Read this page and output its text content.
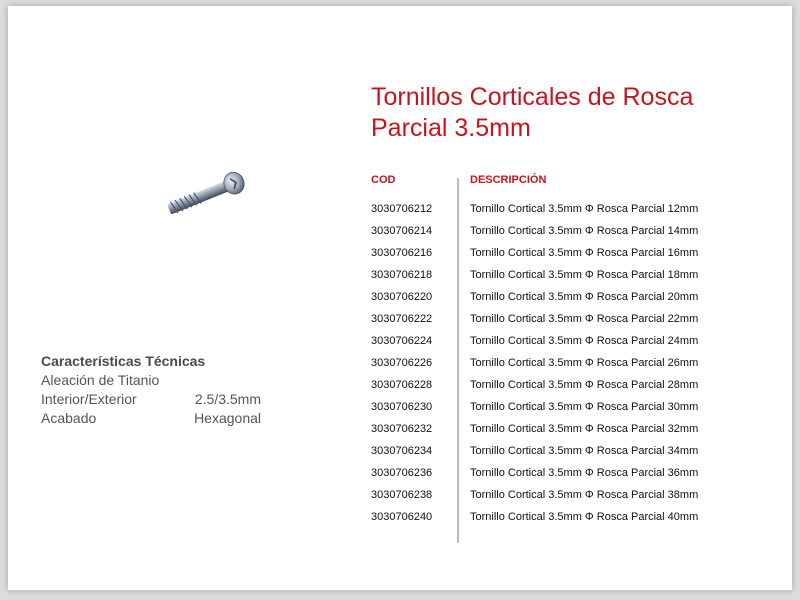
Tornillos Corticales de Rosca
Parcial 3.5mm
Características Técnicas
Aleación de Titanio
Interior/Exterior	2.5/3.5mm
Acabado	Hexagonal
COD	DESCRIPCIÓN
3030706212	Tornillo Cortical 3.5mm Φ Rosca Parcial 12mm
3030706214	Tornillo Cortical 3.5mm Φ Rosca Parcial 14mm
3030706216	Tornillo Cortical 3.5mm Φ Rosca Parcial 16mm
3030706218	Tornillo Cortical 3.5mm Φ Rosca Parcial 18mm
3030706220	Tornillo Cortical 3.5mm Φ Rosca Parcial 20mm
3030706222	Tornillo Cortical 3.5mm Φ Rosca Parcial 22mm
3030706224	Tornillo Cortical 3.5mm Φ Rosca Parcial 24mm
3030706226	Tornillo Cortical 3.5mm Φ Rosca Parcial 26mm
3030706228	Tornillo Cortical 3.5mm Φ Rosca Parcial 28mm
3030706230	Tornillo Cortical 3.5mm Φ Rosca Parcial 30mm
3030706232	Tornillo Cortical 3.5mm Φ Rosca Parcial 32mm
3030706234	Tornillo Cortical 3.5mm Φ Rosca Parcial 34mm
3030706236	Tornillo Cortical 3.5mm Φ Rosca Parcial 36mm
3030706238	Tornillo Cortical 3.5mm Φ Rosca Parcial 38mm
3030706240	Tornillo Cortical 3.5mm Φ Rosca Parcial 40mm
